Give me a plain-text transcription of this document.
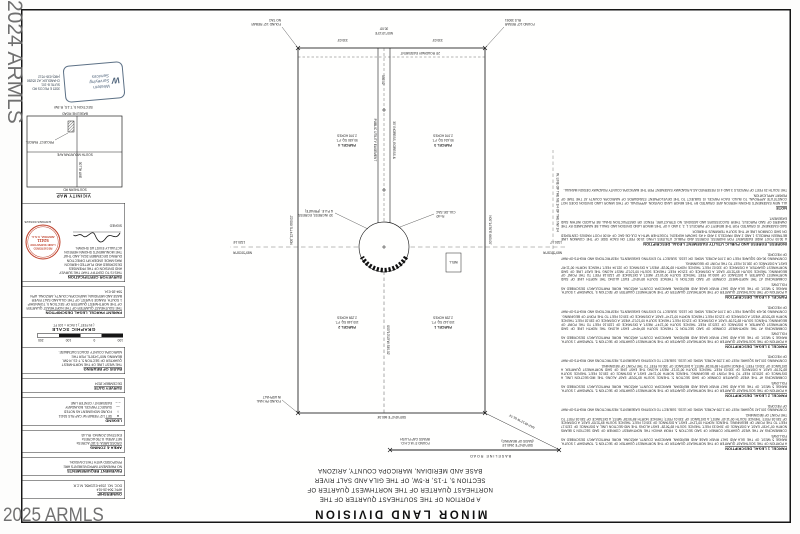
MINOR LAND DIVISION
A PORTION OF THE SOUTHEAST QUARTER OF THE
NORTHEAST QUARTER OF THE NORTHWEST QUARTER OF
SECTION 5, T-1S, R-5W, OF THE GILA AND SALT RIVER
BASE AND MERIDIAN, MARICOPA COUNTY, ARIZONA
PARCEL 1 LEGAL DESCRIPTION
A PORTION OF THE SOUTHEAST QUARTER OF THE NORTHEAST QUARTER OF THE NORTHWEST QUARTER OF SECTION 5, TOWNSHIP 1 SOUTH, RANGE 5 WEST, OF THE GILA AND SALT RIVER BASE AND MERIDIAN, MARICOPA COUNTY, ARIZONA, MORE PARTICULARLY DESCRIBED AS FOLLOWS:
COMMENCING AT THE WEST QUARTER CORNER OF SAID SECTION 5, FROM WHICH THE NORTHWEST CORNER OF SAID SECTION 5 BEARS NORTH 00°14'30" EAST, A DISTANCE OF 2640.33 FEET; THENCE SOUTH 89°50'28" EAST ALONG THE MID-SECTION LINE, A DISTANCE OF 1320.17 FEET TO THE POINT OF BEGINNING; THENCE NORTH 00°12'47" EAST, A DISTANCE OF 330.01 FEET; THENCE SOUTH 89°51'09" EAST, A DISTANCE OF 330.03 FEET; THENCE SOUTH 00°11'40" WEST, A DISTANCE OF 330.01 FEET; THENCE NORTH 89°50'28" WEST, A DISTANCE OF 330.03 FEET TO THE POINT OF BEGINNING.
CONTAINING 100,142 SQUARE FEET OR 2.299 ACRES, MORE OR LESS. SUBJECT TO EXISTING EASEMENTS, RESTRICTIONS AND RIGHTS-OF-WAY OF RECORD.
PARCEL 2 LEGAL DESCRIPTION
A PORTION OF THE SOUTHEAST QUARTER OF THE NORTHEAST QUARTER OF THE NORTHWEST QUARTER OF SECTION 5, TOWNSHIP 1 SOUTH, RANGE 5 WEST, OF THE GILA AND SALT RIVER BASE AND MERIDIAN, MARICOPA COUNTY, ARIZONA, MORE PARTICULARLY DESCRIBED AS FOLLOWS:
COMMENCING AT THE WEST QUARTER CORNER OF SAID SECTION 5; THENCE SOUTH 89°50'28" EAST ALONG THE MID-SECTION LINE, A DISTANCE OF 1650.20 FEET TO THE POINT OF BEGINNING; THENCE NORTH 00°11'40" EAST, A DISTANCE OF 330.01 FEET; THENCE SOUTH 89°51'09" EAST, A DISTANCE OF 330.03 FEET; THENCE SOUTH 00°10'13" WEST ALONG THE EAST LINE OF SAID NORTHWEST QUARTER, A DISTANCE OF 330.01 FEET; THENCE NORTH 89°50'28" WEST, A DISTANCE OF 330.04 FEET TO THE POINT OF BEGINNING.
CONTAINING 100,148 SQUARE FEET OR 2.299 ACRES, MORE OR LESS. SUBJECT TO EXISTING EASEMENTS, RESTRICTIONS AND RIGHTS-OF-WAY OF RECORD.
PARCEL 3 LEGAL DESCRIPTION
A PORTION OF THE SOUTHEAST QUARTER OF THE NORTHEAST QUARTER OF THE NORTHWEST QUARTER OF SECTION 5, TOWNSHIP 1 SOUTH, RANGE 5 WEST, OF THE GILA AND SALT RIVER BASE AND MERIDIAN, MARICOPA COUNTY, ARIZONA, MORE PARTICULARLY DESCRIBED AS FOLLOWS:
COMMENCING AT THE NORTHWEST CORNER OF SAID SECTION 5; THENCE SOUTH 89°49'47" EAST ALONG THE NORTH LINE OF SAID NORTHWEST QUARTER, A DISTANCE OF 1320.10 FEET; THENCE SOUTH 00°12'47" WEST, A DISTANCE OF 1320.16 FEET TO THE POINT OF BEGINNING; THENCE SOUTH 89°51'09" EAST, A DISTANCE OF 315.03 FEET; THENCE SOUTH 00°10'13" WEST, A DISTANCE OF 330.02 FEET; THENCE NORTH 89°50'28" WEST, A DISTANCE OF 315.03 FEET; THENCE NORTH 00°12'47" EAST, A DISTANCE OF 330.01 FEET TO THE POINT OF BEGINNING.
CONTAINING 90,424 SQUARE FEET OR 2.076 ACRES, MORE OR LESS. SUBJECT TO EXISTING EASEMENTS, RESTRICTIONS AND RIGHTS-OF-WAY OF RECORD.
PARCEL 4 LEGAL DESCRIPTION
A PORTION OF THE SOUTHEAST QUARTER OF THE NORTHEAST QUARTER OF THE NORTHWEST QUARTER OF SECTION 5, TOWNSHIP 1 SOUTH, RANGE 5 WEST, OF THE GILA AND SALT RIVER BASE AND MERIDIAN, MARICOPA COUNTY, ARIZONA, MORE PARTICULARLY DESCRIBED AS FOLLOWS:
COMMENCING AT THE NORTHWEST CORNER OF SAID SECTION 5; THENCE SOUTH 89°49'47" EAST ALONG THE NORTH LINE OF SAID NORTHWEST QUARTER, A DISTANCE OF 1650.16 FEET; THENCE SOUTH 00°10'13" WEST, A DISTANCE OF 1320.18 FEET TO THE POINT OF BEGINNING; THENCE SOUTH 89°51'09" EAST, A DISTANCE OF 315.04 FEET; THENCE SOUTH 00°10'13" WEST ALONG THE EAST LINE OF SAID NORTHWEST QUARTER, A DISTANCE OF 330.02 FEET; THENCE NORTH 89°50'28" WEST, A DISTANCE OF 315.04 FEET; THENCE NORTH 00°11'40" EAST, A DISTANCE OF 330.01 FEET TO THE POINT OF BEGINNING.
CONTAINING 90,430 SQUARE FEET OR 2.076 ACRES, MORE OR LESS. SUBJECT TO EXISTING EASEMENTS, RESTRICTIONS AND RIGHTS-OF-WAY OF RECORD.
INGRESS, EGRESS AND PUBLIC UTILITY EASEMENT LEGAL DESCRIPTION
A 30.00 FOOT WIDE EASEMENT FOR INGRESS, EGRESS AND PUBLIC UTILITIES LYING 15.00 FEET ON EACH SIDE OF THE COMMON LINE BETWEEN PARCELS 1 AND 2 AND PARCELS 3 AND 4 AS SHOWN HEREON, TOGETHER WITH A CUL-DE-SAC OF 40.00 FOOT RADIUS CENTERED ON SAID COMMON LINE AT THE SOUTH TERMINUS THEREOF.
SAID EASEMENT IS GRANTED FOR THE BENEFIT OF PARCELS 1, 2, 3 AND 4 OF THIS MINOR LAND DIVISION AND SHALL BE MAINTAINED BY THE OWNERS OF SAID PARCELS, THEIR SUCCESSORS AND ASSIGNS. NO STRUCTURE, FENCE OR OBSTRUCTION SHALL BE PLACED WITHIN SAID EASEMENT.
NOTE
ALL NEW EASEMENTS SHOWN HEREON ARE GRANTED BY THIS MINOR LAND DIVISION. APPROVAL OF THIS MINOR LAND DIVISION DOES NOT CONSTITUTE APPROVAL TO BUILD. EACH PARCEL IS SUBJECT TO THE DEVELOPMENT STANDARDS OF MARICOPA COUNTY AT THE TIME OF PERMIT APPLICATION.
THE SOUTH 25 FEET OF PARCELS 3 AND 4 IS RESERVED AS A ROADWAY EASEMENT PER THE MARICOPA COUNTY ROADWAY DESIGN MANUAL.
BASELINE ROAD
S89°49'47"E 2640.15'
(BASIS OF BEARING)
FOUND 3" M.C.H.D.
BRASS CAP FLUSH
N44°49'12"W 66.74'
25' ROADWAY EASEMENT
S89°49'47"E 660.04'
330.03'
330.03'
N00°10'13"E
30.00'
N00°14'30"E 660.00'
N00°12'47"E 660.02'
30' INGRESS, EGRESS &
PUBLIC UTILITY EASEMENT
330.02'
S00°10'13"W 330.02'
30' INGRESS, EGRESS
& P.U.E. (PRIVATE)
R=40'
CUL-DE-SAC
WELL
N89°50'28"W
1320.17'
N89°50'28"W
1320.16'
W. LINE OF THE NE 1/4 OF THE NW 1/4
FOUND 1/2" REBAR
RLS 30051
FOUND 1/2" REBAR
NO TAG
FOUND PK NAIL
IN ASPHALT
PARCEL 1
100,142 SQ. FT.
2.299 ACRES
PARCEL 2
100,148 SQ. FT.
2.299 ACRES
PARCEL 3
90,424 SQ. FT.
2.076 ACRES
PARCEL 4
90,430 SQ. FT.
2.076 ACRES
OWNERSHIP
APN: 504-26-014
DOC. NO. 2024-0123456, M.C.R.
PAVEMENT REQUIREMENTS
NO PAVEMENT IMPROVEMENTS ARE
PROPOSED WITH THIS DIVISION.
AREA & ZONING
GROSS AREA: 9.187 ACRES±
NET AREA: 8.750 ACRES±
EXISTING ZONING: RU-43
LEGEND
●
SET 1/2" REBAR W/ CAP RLS 52411
○
FOUND MONUMENT AS NOTED
—
SUBJECT PARCEL BOUNDARY
– –
EASEMENT / CENTER LINE
SURVEY DATE
DECEMBER 2024
BASIS OF BEARING
THE WEST LINE OF THE NORTHWEST
QUARTER OF SECTION 5, T-1S, R-5W,
BEARING N00°14'30"E, PER THE
MARICOPA COUNTY GDACS DATABASE.
100
0
100
200
GRAPHIC SCALE
( IN FEET ) 1 INCH = 100 FT.
PARENT PARCEL LEGAL DESCRIPTION
THE SOUTHEAST QUARTER OF THE NORTHEAST QUARTER OF THE NORTHWEST QUARTER OF SECTION 5, TOWNSHIP 1 SOUTH, RANGE 5 WEST, OF THE GILA AND SALT RIVER BASE AND MERIDIAN, MARICOPA COUNTY, ARIZONA. APN 504-26-014.
SURVEYOR CERTIFICATION
THIS IS TO CERTIFY THAT THE SURVEY AND DIVISION OF THE PREMISES DESCRIBED AND PLATTED HEREON WAS MADE UNDER MY DIRECTION DURING DECEMBER 2024, AND THAT THE MONUMENTS SHOWN HEREON ACTUALLY EXIST AS SHOWN.
SIGNED
REGISTERED
LAND SURVEYOR
52411
ARIZONA, U.S.A.
EXPIRES 03/31/26
VICINITY MAP
SOUTHERN RD
SOUTH MOUNTAIN AVE
BASELINE ROAD
307TH AVE
PROJECT PARCEL
SECTION 5, T-1S, R-5W
W
Western
Surveying
Services
3025 E PECOS RD
SUITE B-101
CHANDLER, AZ 85286
(480) 636-7612
2024 ARMLS
2025 ARMLS
